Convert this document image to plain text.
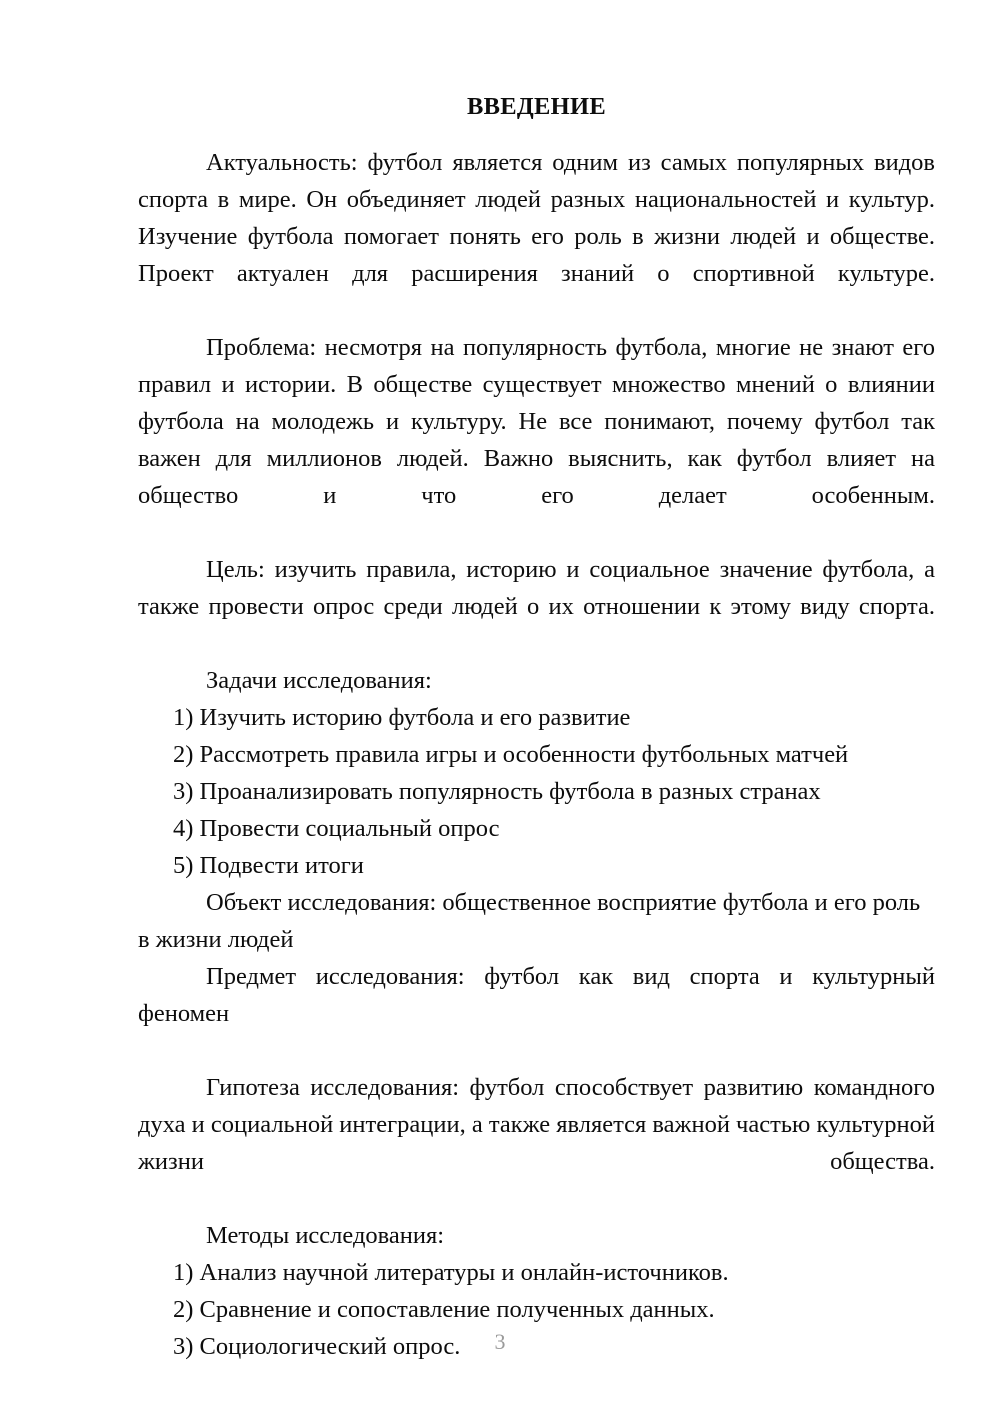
ВВЕДЕНИЕ

Актуальность: футбол является одним из самых популярных видов спорта в мире. Он объединяет людей разных национальностей и культур. Изучение футбола помогает понять его роль в жизни людей и обществе. Проект актуален для расширения знаний о спортивной культуре.

Проблема: несмотря на популярность футбола, многие не знают его правил и истории. В обществе существует множество мнений о влиянии футбола на молодежь и культуру. Не все понимают, почему футбол так важен для миллионов людей. Важно выяснить, как футбол влияет на общество и что его делает особенным.

Цель: изучить правила, историю и социальное значение футбола, а также провести опрос среди людей о их отношении к этому виду спорта.

Задачи исследования:

1) Изучить историю футбола и его развитие

2) Рассмотреть правила игры и особенности футбольных матчей

3) Проанализировать популярность футбола в разных странах

4) Провести социальный опрос

5) Подвести итоги

Объект исследования: общественное восприятие футбола и его роль в жизни людей

Предмет исследования: футбол как вид спорта и культурный феномен

Гипотеза исследования: футбол способствует развитию командного духа и социальной интеграции, а также является важной частью культурной жизни общества.

Методы исследования:

1) Анализ научной литературы и онлайн-источников.

2) Сравнение и сопоставление полученных данных.

3) Социологический опрос.	3
